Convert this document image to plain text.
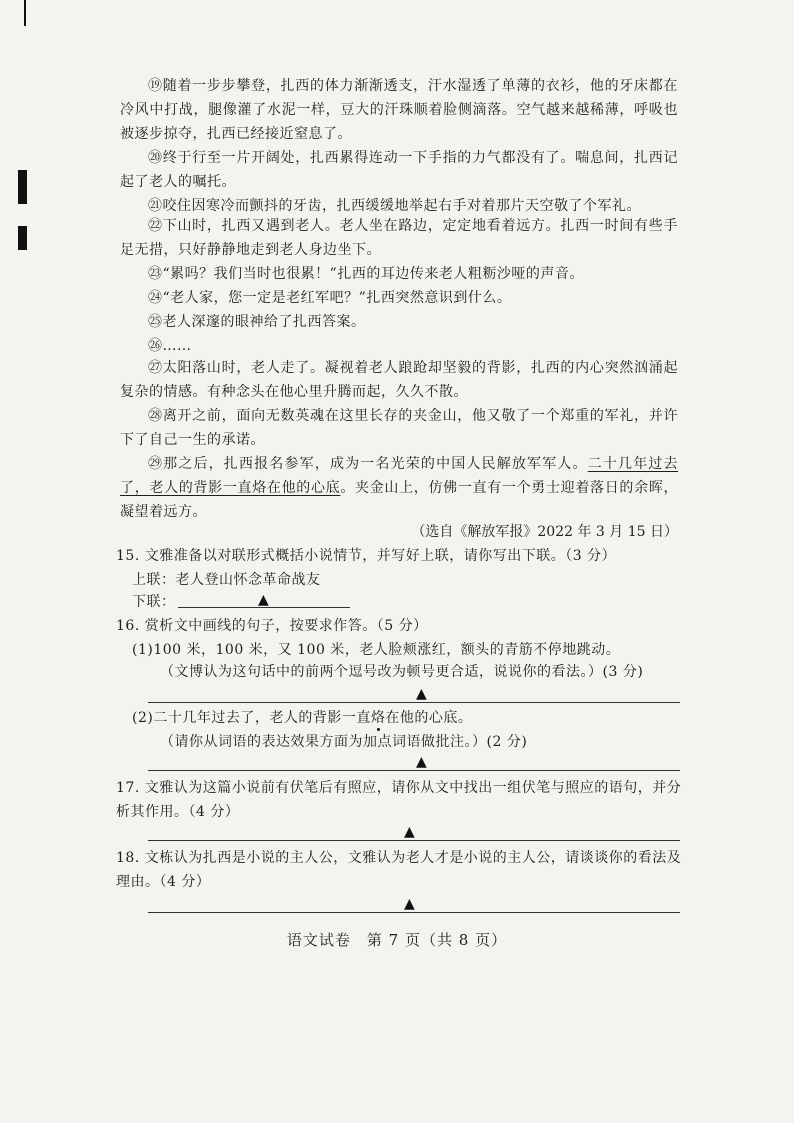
⑲随着一步步攀登，扎西的体力渐渐透支，汗水湿透了单薄的衣衫，他的牙床都在冷风中打战，腿像灌了水泥一样，豆大的汗珠顺着脸侧滴落。空气越来越稀薄，呼吸也被逐步掠夺，扎西已经接近窒息了。

⑳终于行至一片开阔处，扎西累得连动一下手指的力气都没有了。喘息间，扎西记起了老人的嘱托。

㉑咬住因寒冷而颤抖的牙齿，扎西缓缓地举起右手对着那片天空敬了个军礼。

㉒下山时，扎西又遇到老人。老人坐在路边，定定地看着远方。扎西一时间有些手足无措，只好静静地走到老人身边坐下。

㉓“累吗？我们当时也很累！”扎西的耳边传来老人粗粝沙哑的声音。

㉔“老人家，您一定是老红军吧？”扎西突然意识到什么。

㉕老人深邃的眼神给了扎西答案。

㉖……

㉗太阳落山时，老人走了。凝视着老人踉跄却坚毅的背影，扎西的内心突然汹涌起复杂的情感。有种念头在他心里升腾而起，久久不散。

㉘离开之前，面向无数英魂在这里长存的夹金山，他又敬了一个郑重的军礼，并许下了自己一生的承诺。

㉙那之后，扎西报名参军，成为一名光荣的中国人民解放军军人。二十几年过去了，老人的背影一直烙在他的心底。夹金山上，仿佛一直有一个勇士迎着落日的余晖，凝望着远方。

（选自《解放军报》2022 年 3 月 15 日）

15. 文雅准备以对联形式概括小说情节，并写好上联，请你写出下联。（3 分）

上联：老人登山怀念革命战友

下联：	▲

16. 赏析文中画线的句子，按要求作答。（5 分）

(1)100 米，100 米，又 100 米，老人脸颊涨红，额头的青筋不停地跳动。

（文博认为这句话中的前两个逗号改为顿号更合适，说说你的看法。）(3 分)

▲

(2)二十几年过去了，老人的背影一直烙在他的心底。

（请你从词语的表达效果方面为加点词语做批注。）(2 分)

▲

17. 文雅认为这篇小说前有伏笔后有照应，请你从文中找出一组伏笔与照应的语句，并分析其作用。（4 分）

▲

18. 文栋认为扎西是小说的主人公，文雅认为老人才是小说的主人公，请谈谈你的看法及理由。（4 分）

▲
语文试卷　第 7 页（共 8 页）
